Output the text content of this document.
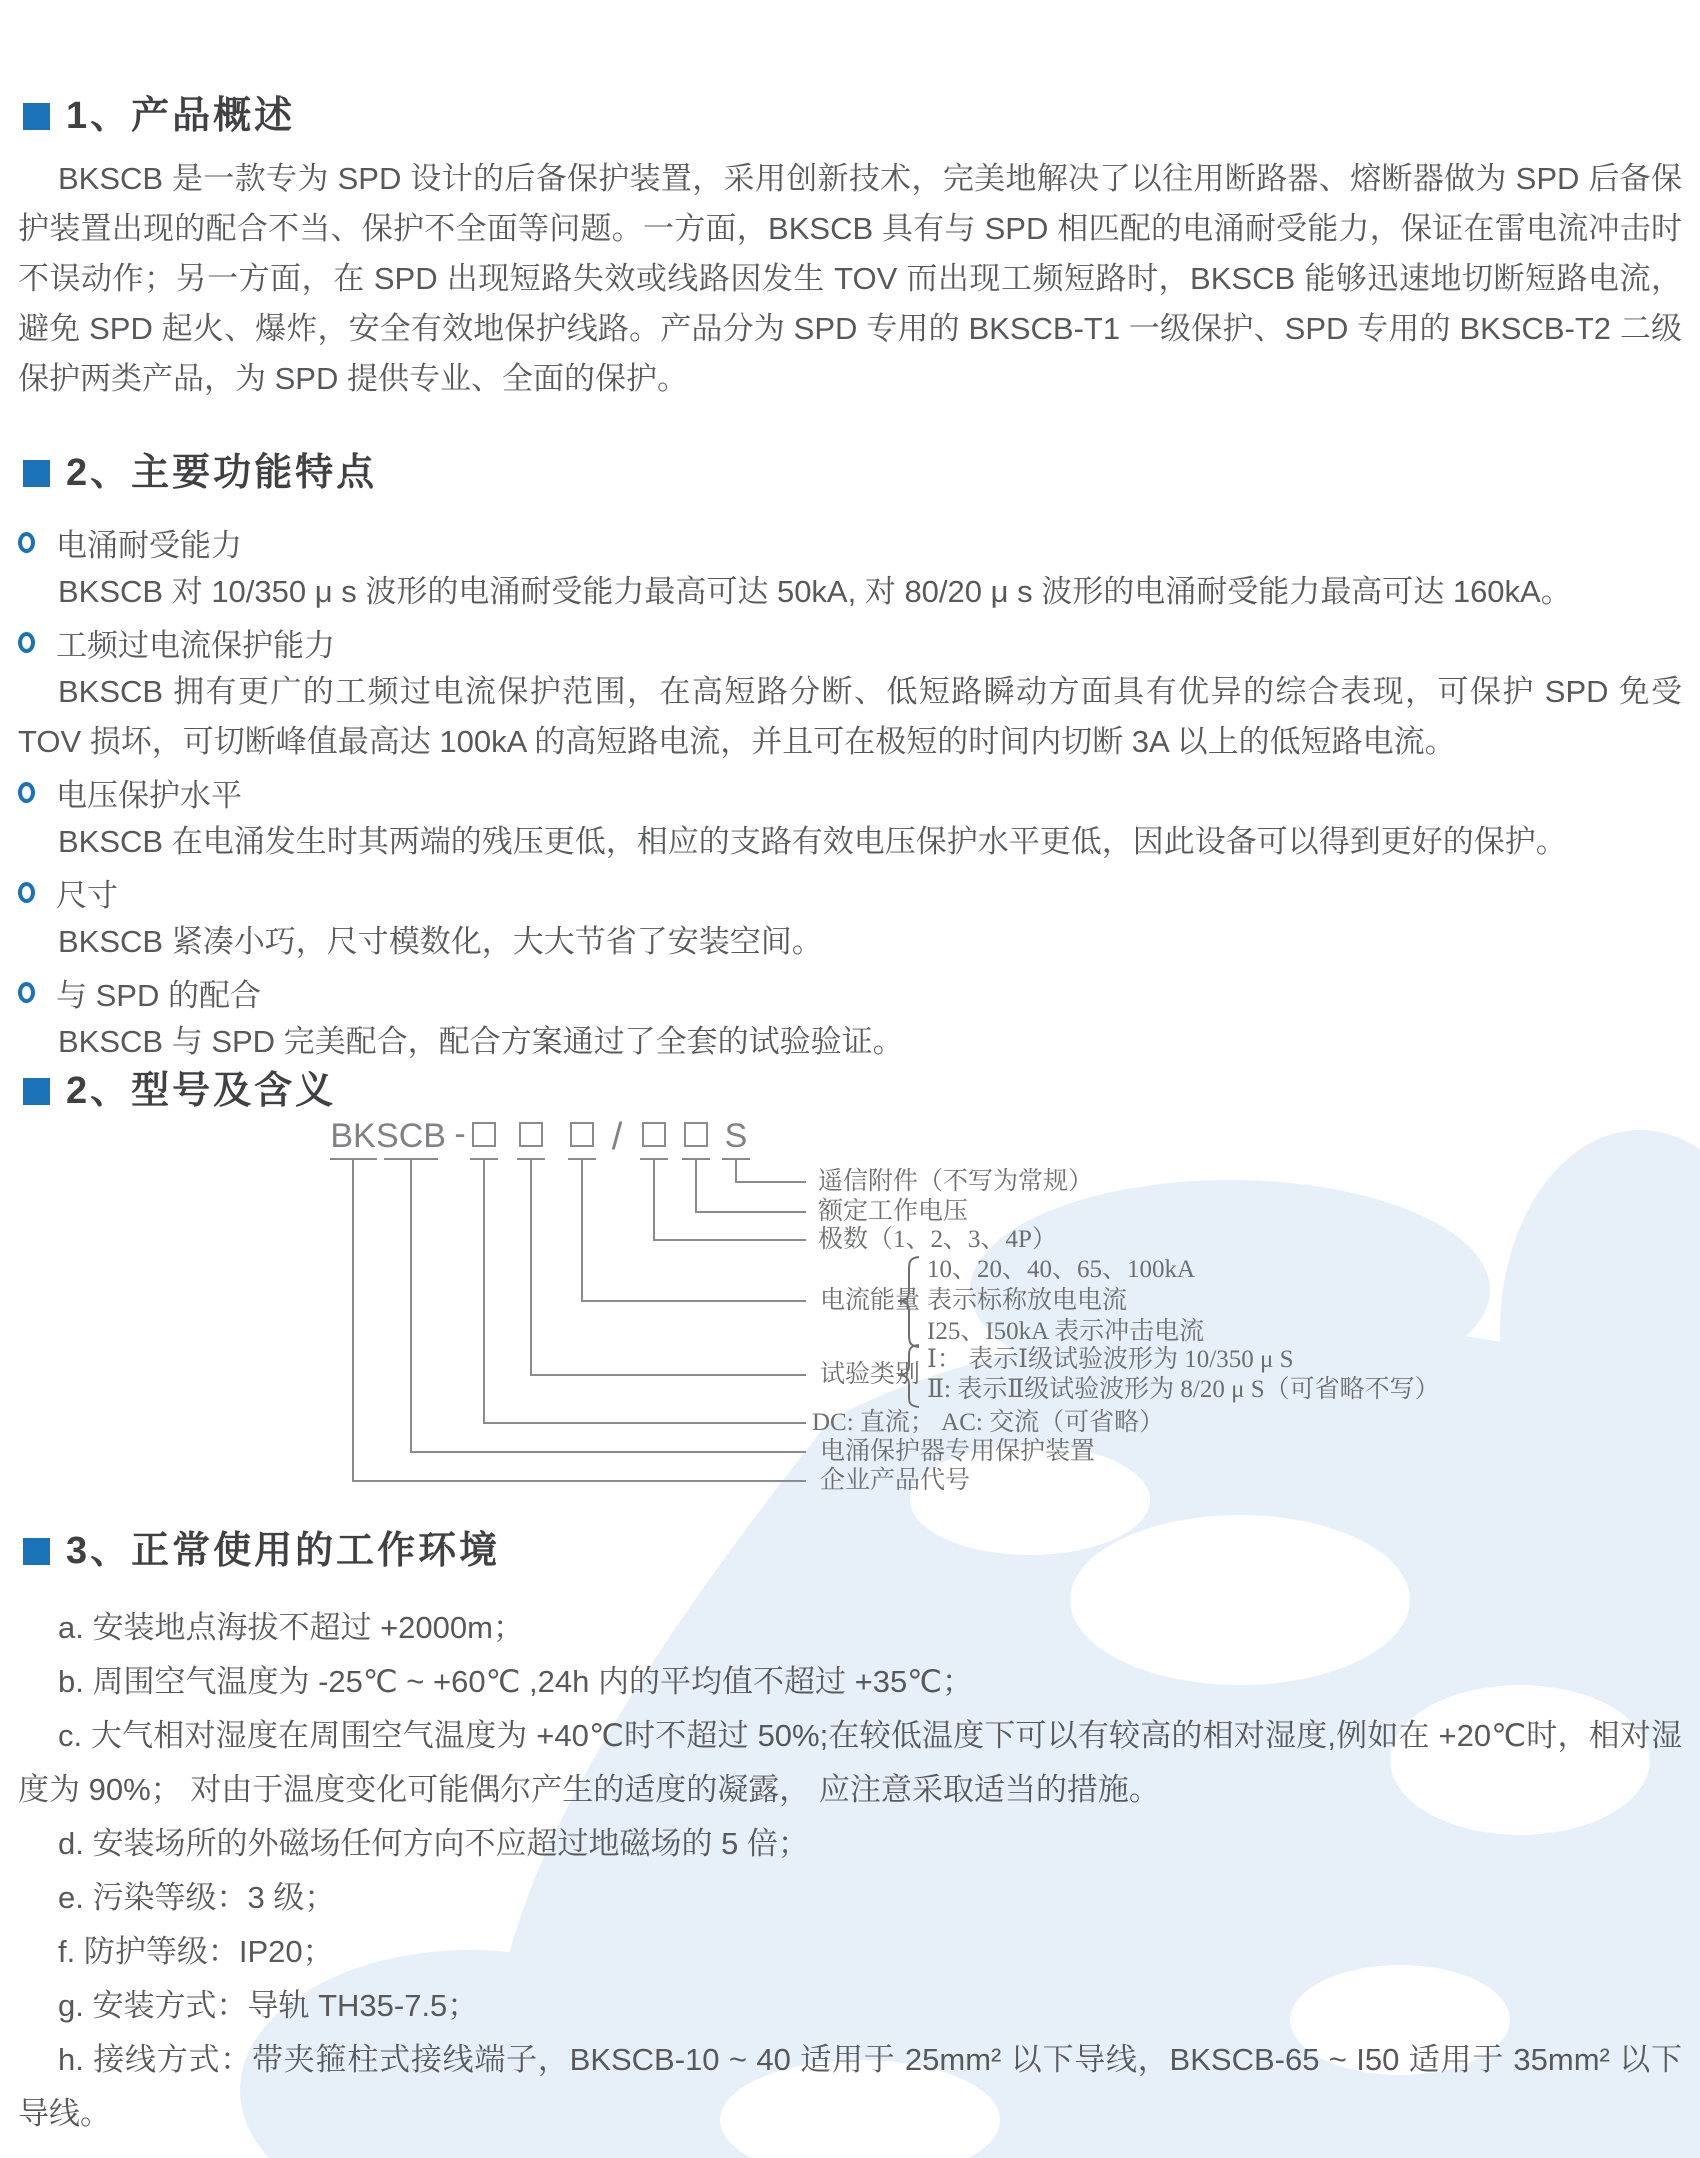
1、产品概述

BKSCB 是一款专为 SPD 设计的后备保护装置，采用创新技术，完美地解决了以往用断路器、熔断器做为 SPD 后备保护装置出现的配合不当、保护不全面等问题。一方面，BKSCB 具有与 SPD 相匹配的电涌耐受能力，保证在雷电流冲击时不误动作；另一方面，在 SPD 出现短路失效或线路因发生 TOV 而出现工频短路时，BKSCB 能够迅速地切断短路电流，避免 SPD 起火、爆炸，安全有效地保护线路。产品分为 SPD 专用的 BKSCB-T1 一级保护、SPD 专用的 BKSCB-T2 二级保护两类产品，为 SPD 提供专业、全面的保护。

2、主要功能特点
电涌耐受能力

BKSCB 对 10/350 μ s 波形的电涌耐受能力最高可达 50kA, 对 80/20 μ s 波形的电涌耐受能力最高可达 160kA。

工频过电流保护能力

BKSCB 拥有更广的工频过电流保护范围，在高短路分断、低短路瞬动方面具有优异的综合表现，可保护 SPD 免受 TOV 损坏，可切断峰值最高达 100kA 的高短路电流，并且可在极短的时间内切断 3A 以上的低短路电流。

电压保护水平

BKSCB 在电涌发生时其两端的残压更低，相应的支路有效电压保护水平更低，因此设备可以得到更好的保护。

尺寸

BKSCB 紧凑小巧，尺寸模数化，大大节省了安装空间。

与 SPD 的配合

BKSCB 与 SPD 完美配合，配合方案通过了全套的试验验证。

2、型号及含义
BK SCB -	/	S
遥信附件（不写为常规）
额定工作电压
极数（1、2、3、4P）
电流能量
10、20、40、65、100kA
表示标称放电电流
I25、I50kA 表示冲击电流
试验类别
Ⅰ： 表示Ⅰ级试验波形为 10/350 μ S
Ⅱ: 表示Ⅱ级试验波形为 8/20 μ S（可省略不写）
DC: 直流； AC: 交流（可省略）
电涌保护器专用保护装置
企业产品代号
3、正常使用的工作环境

a. 安装地点海拔不超过 +2000m；

b. 周围空气温度为 -25℃ ~ +60℃ ,24h 内的平均值不超过 +35℃；

c. 大气相对湿度在周围空气温度为 +40℃时不超过 50%;在较低温度下可以有较高的相对湿度,例如在 +20℃时，相对湿度为 90%； 对由于温度变化可能偶尔产生的适度的凝露， 应注意采取适当的措施。

d. 安装场所的外磁场任何方向不应超过地磁场的 5 倍；

e. 污染等级：3 级；

f. 防护等级：IP20；

g. 安装方式：导轨 TH35-7.5；

h. 接线方式：带夹箍柱式接线端子，BKSCB-10 ~ 40 适用于 25mm² 以下导线，BKSCB-65 ~ I50 适用于 35mm² 以下导线。
